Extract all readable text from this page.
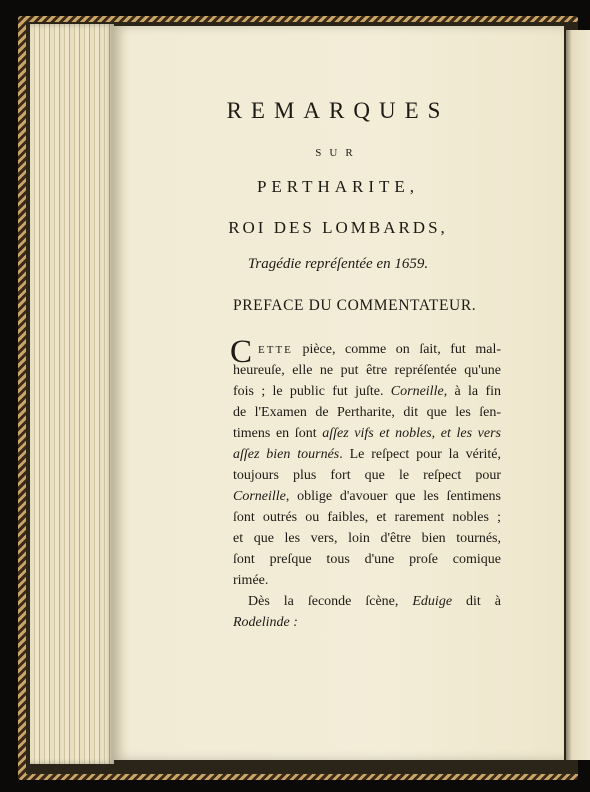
REMARQUES
SUR
PERTHARITE,
ROI DES LOMBARDS,
Tragédie repréſentée en 1659.
PREFACE DU COMMENTATEUR.
C ETTE pièce, comme on ſait, fut mal-
heureuſe, elle ne put être repréſentée qu'une
fois ; le public fut juſte. Corneille, à la fin
de l'Examen de Pertharite, dit que les ſen-
timens en ſont aſſez vifs et nobles, et les vers
aſſez bien tournés. Le reſpect pour la vérité,
toujours plus fort que le reſpect pour
Corneille, oblige d'avouer que les ſentimens
ſont outrés ou faibles, et rarement nobles ;
et que les vers, loin d'être bien tournés,
ſont preſque tous d'une proſe comique
rimée.
Dès la ſeconde ſcène, Eduige dit à
Rodelinde :
